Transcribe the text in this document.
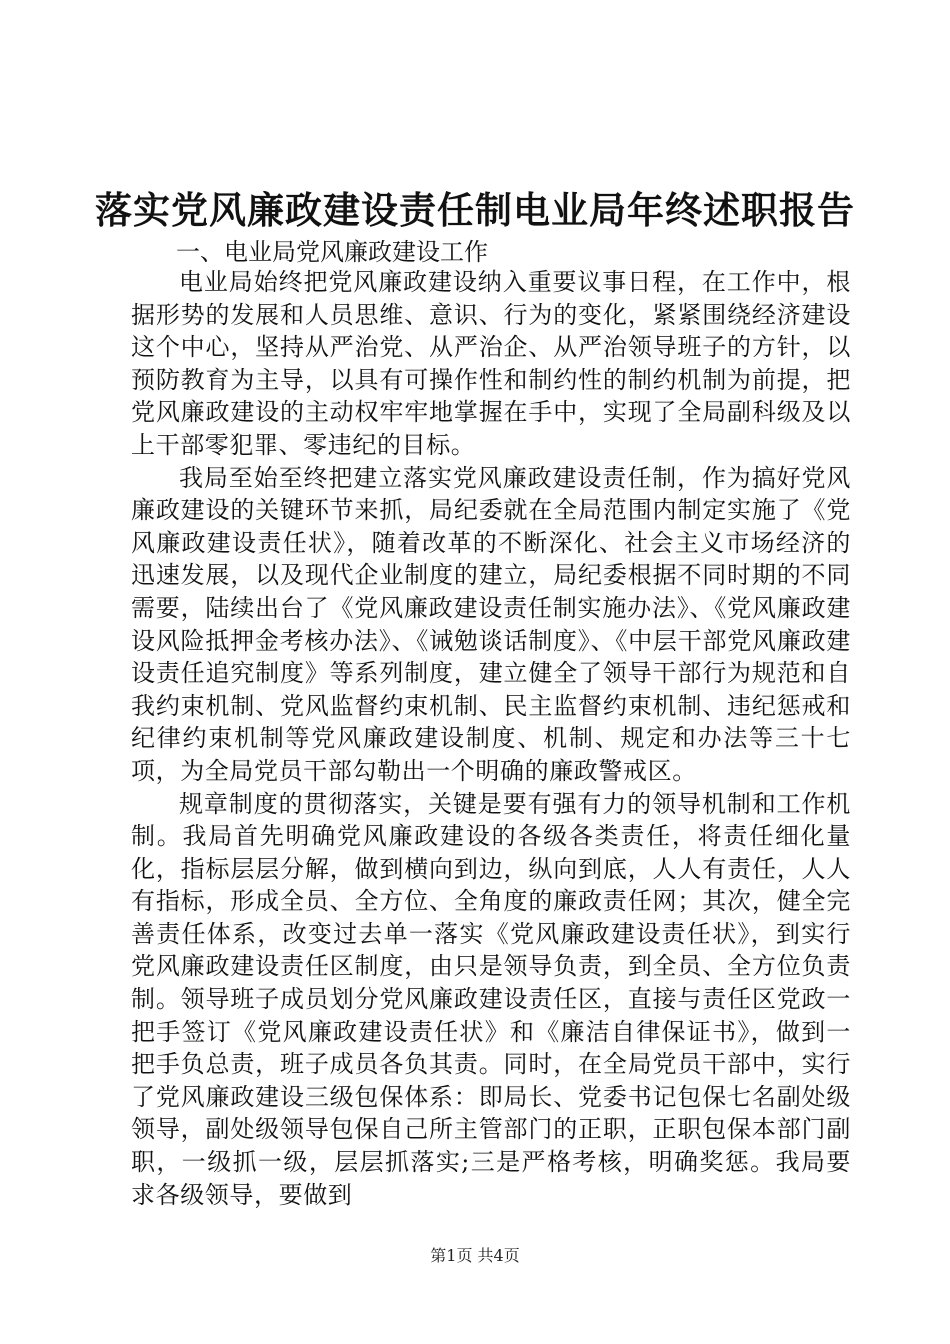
落实党风廉政建设责任制电业局年终述职报告

一、电业局党风廉政建设工作

电业局始终把党风廉政建设纳入重要议事日程，在工作中，根据形势的发展和人员思维、意识、行为的变化，紧紧围绕经济建设这个中心，坚持从严治党、从严治企、从严治领导班子的方针，以预防教育为主导，以具有可操作性和制约性的制约机制为前提，把党风廉政建设的主动权牢牢地掌握在手中，实现了全局副科级及以上干部零犯罪、零违纪的目标。

我局至始至终把建立落实党风廉政建设责任制，作为搞好党风廉政建设的关键环节来抓，局纪委就在全局范围内制定实施了《党风廉政建设责任状》，随着改革的不断深化、社会主义市场经济的迅速发展，以及现代企业制度的建立，局纪委根据不同时期的不同需要，陆续出台了《党风廉政建设责任制实施办法》、《党风廉政建设风险抵押金考核办法》、《诫勉谈话制度》、《中层干部党风廉政建设责任追究制度》等系列制度，建立健全了领导干部行为规范和自我约束机制、党风监督约束机制、民主监督约束机制、违纪惩戒和纪律约束机制等党风廉政建设制度、机制、规定和办法等三十七项，为全局党员干部勾勒出一个明确的廉政警戒区。

规章制度的贯彻落实，关键是要有强有力的领导机制和工作机制。我局首先明确党风廉政建设的各级各类责任，将责任细化量化，指标层层分解，做到横向到边，纵向到底，人人有责任，人人有指标，形成全员、全方位、全角度的廉政责任网；其次，健全完善责任体系，改变过去单一落实《党风廉政建设责任状》，到实行党风廉政建设责任区制度，由只是领导负责，到全员、全方位负责制。领导班子成员划分党风廉政建设责任区，直接与责任区党政一把手签订《党风廉政建设责任状》和《廉洁自律保证书》，做到一把手负总责，班子成员各负其责。同时，在全局党员干部中，实行了党风廉政建设三级包保体系：即局长、党委书记包保七名副处级领导，副处级领导包保自己所主管部门的正职，正职包保本部门副职，一级抓一级，层层抓落实;三是严格考核，明确奖惩。我局要求各级领导，要做到

第1页 共4页
